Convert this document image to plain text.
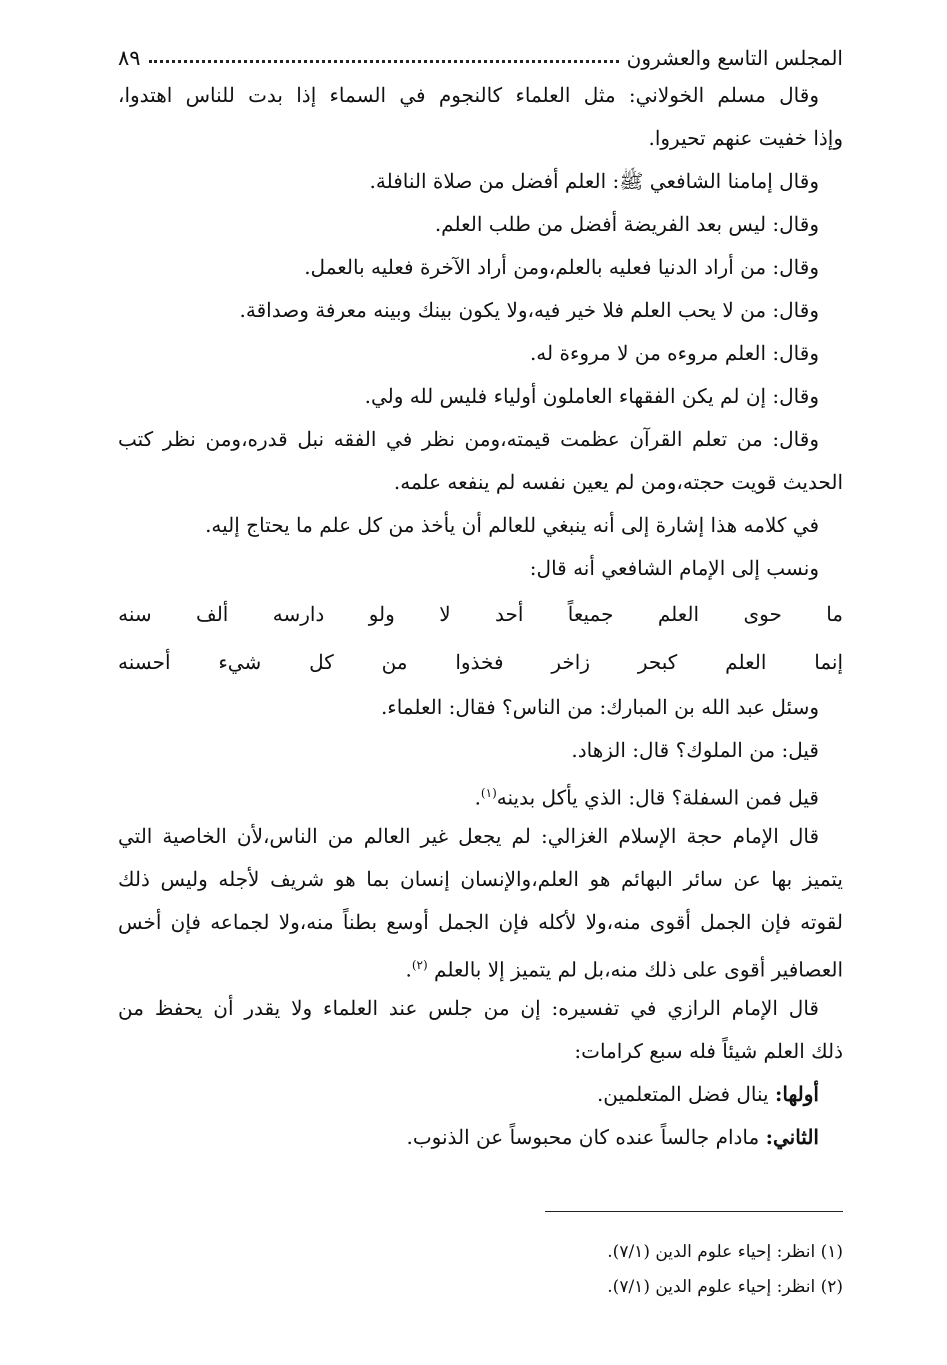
المجلس التاسع والعشرون
٨٩
وقال مسلم الخولاني: مثل العلماء كالنجوم في السماء إذا بدت للناس اهتدوا،
وإذا خفيت عنهم تحيروا.
وقال إمامنا الشافعي ﷺ: العلم أفضل من صلاة النافلة.
وقال: ليس بعد الفريضة أفضل من طلب العلم.
وقال: من أراد الدنيا فعليه بالعلم،ومن أراد الآخرة فعليه بالعمل.
وقال: من لا يحب العلم فلا خير فيه،ولا يكون بينك وبينه معرفة وصداقة.
وقال: العلم مروءه من لا مروءة له.
وقال: إن لم يكن الفقهاء العاملون أولياء فليس لله ولي.
وقال: من تعلم القرآن عظمت قيمته،ومن نظر في الفقه نبل قدره،ومن نظر كتب
الحديث قويت حجته،ومن لم يعين نفسه لم ينفعه علمه.
في كلامه هذا إشارة إلى أنه ينبغي للعالم أن يأخذ من كل علم ما يحتاج إليه.
ونسب إلى الإمام الشافعي أنه قال:
ما
حوى
العلم
جميعاً
أحد
لا
ولو
دارسه
ألف
سنه
إنما
العلم
كبحر
زاخر
فخذوا
من
كل
شيء
أحسنه
وسئل عبد الله بن المبارك: من الناس؟ فقال: العلماء.
قيل: من الملوك؟ قال: الزهاد.
قيل فمن السفلة؟ قال: الذي يأكل بدينه$^{(١)}$.
قال الإمام حجة الإسلام الغزالي: لم يجعل غير العالم من الناس،لأن الخاصية التي
يتميز بها عن سائر البهائم هو العلم،والإنسان إنسان بما هو شريف لأجله وليس ذلك
لقوته فإن الجمل أقوى منه،ولا لأكله فإن الجمل أوسع بطناً منه،ولا لجماعه فإن أخس
العصافير أقوى على ذلك منه،بل لم يتميز إلا بالعلم $^{(٢)}$.
قال الإمام الرازي في تفسيره: إن من جلس عند العلماء ولا يقدر أن يحفظ من
ذلك العلم شيئاً فله سبع كرامات:
أولها: ينال فضل المتعلمين.
الثاني: مادام جالساً عنده كان محبوساً عن الذنوب.
(١) انظر: إحياء علوم الدين (٧/١).
(٢) انظر: إحياء علوم الدين (٧/١).
